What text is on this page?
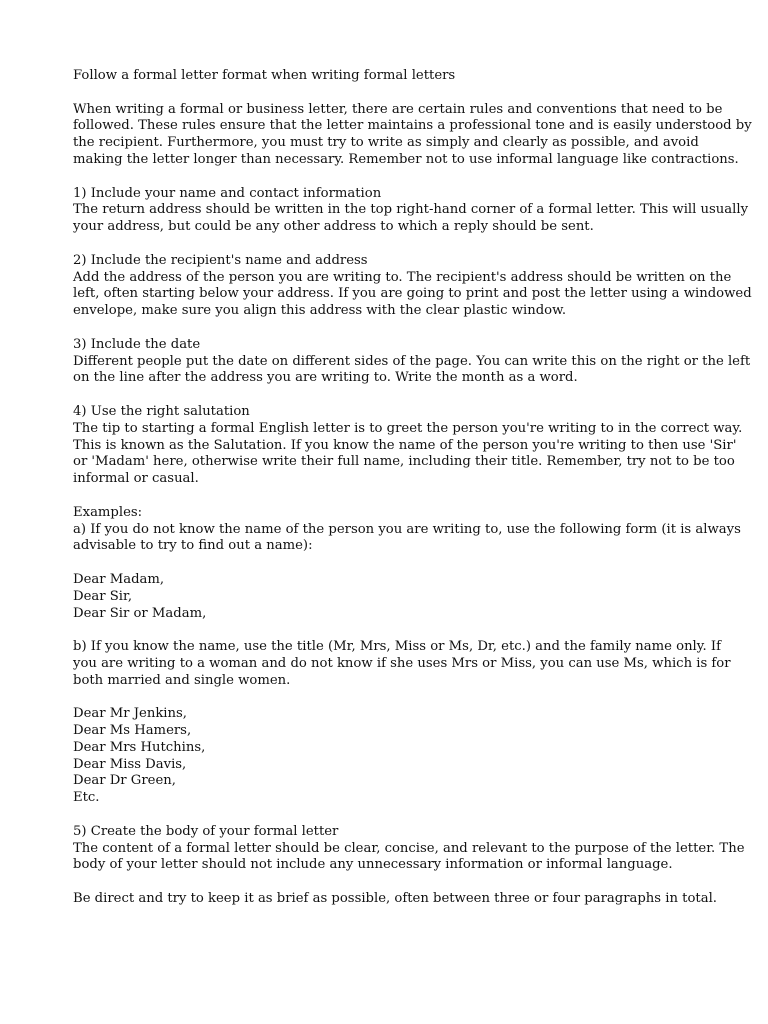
Follow a formal letter format when writing formal letters
When writing a formal or business letter, there are certain rules and conventions that need to be
followed. These rules ensure that the letter maintains a professional tone and is easily understood by
the recipient. Furthermore, you must try to write as simply and clearly as possible, and avoid
making the letter longer than necessary. Remember not to use informal language like contractions.
1) Include your name and contact information
The return address should be written in the top right-hand corner of a formal letter. This will usually
your address, but could be any other address to which a reply should be sent.
2) Include the recipient's name and address
Add the address of the person you are writing to. The recipient's address should be written on the
left, often starting below your address. If you are going to print and post the letter using a windowed
envelope, make sure you align this address with the clear plastic window.
3) Include the date
Different people put the date on different sides of the page. You can write this on the right or the left
on the line after the address you are writing to. Write the month as a word.
4) Use the right salutation
The tip to starting a formal English letter is to greet the person you're writing to in the correct way.
This is known as the Salutation. If you know the name of the person you're writing to then use 'Sir'
or 'Madam' here, otherwise write their full name, including their title. Remember, try not to be too
informal or casual.
Examples:
a) If you do not know the name of the person you are writing to, use the following form (it is always
advisable to try to find out a name):
Dear Madam,
Dear Sir,
Dear Sir or Madam,
b) If you know the name, use the title (Mr, Mrs, Miss or Ms, Dr, etc.) and the family name only. If
you are writing to a woman and do not know if she uses Mrs or Miss, you can use Ms, which is for
both married and single women.
Dear Mr Jenkins,
Dear Ms Hamers,
Dear Mrs Hutchins,
Dear Miss Davis,
Dear Dr Green,
Etc.
5) Create the body of your formal letter
The content of a formal letter should be clear, concise, and relevant to the purpose of the letter. The
body of your letter should not include any unnecessary information or informal language.
Be direct and try to keep it as brief as possible, often between three or four paragraphs in total.
